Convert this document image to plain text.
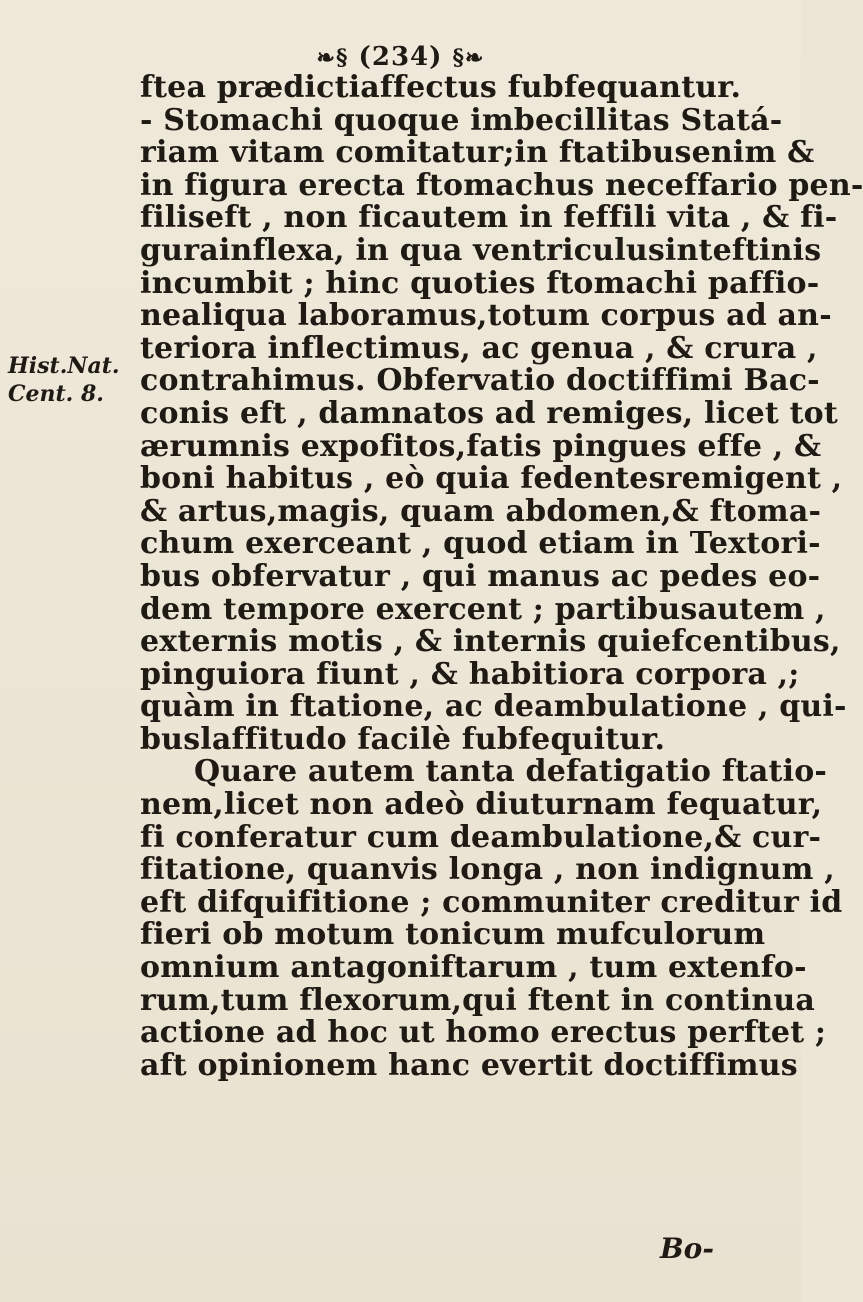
❧§ (234) §❧
Hist.Nat.
Cent. 8.
ftea prædictiaffectus fubfequantur.
- Stomachi quoque imbecillitas Statá-
riam vitam comitatur;in ftatibusenim &
in figura erecta ftomachus neceffario pen-
filiseft , non ficautem in feffili vita , & fi-
gurainflexa, in qua ventriculusinteftinis
incumbit ; hinc quoties ftomachi paffio-
nealiqua laboramus,totum corpus ad an-
teriora inflectimus, ac genua , & crura ,
contrahimus. Obfervatio doctiffimi Bac-
conis eft , damnatos ad remiges, licet tot
ærumnis expofitos,fatis pingues effe , &
boni habitus , eò quia fedentesremigent ,
& artus,magis, quam abdomen,& ftoma-
chum exerceant , quod etiam in Textori-
bus obfervatur , qui manus ac pedes eo-
dem tempore exercent ; partibusautem ,
externis motis , & internis quiefcentibus,
pinguiora fiunt , & habitiora corpora ,;
quàm in ftatione, ac deambulatione , qui-
buslaffitudo facilè fubfequitur.
Quare autem tanta defatigatio ftatio-
nem,licet non adeò diuturnam fequatur,
fi conferatur cum deambulatione,& cur-
fitatione, quanvis longa , non indignum ,
eft difquifitione ; communiter creditur id
fieri ob motum tonicum mufculorum
omnium antagoniftarum , tum extenfo-
rum,tum flexorum,qui ftent in continua
actione ad hoc ut homo erectus perftet ;
aft opinionem hanc evertit doctiffimus
Bo-
